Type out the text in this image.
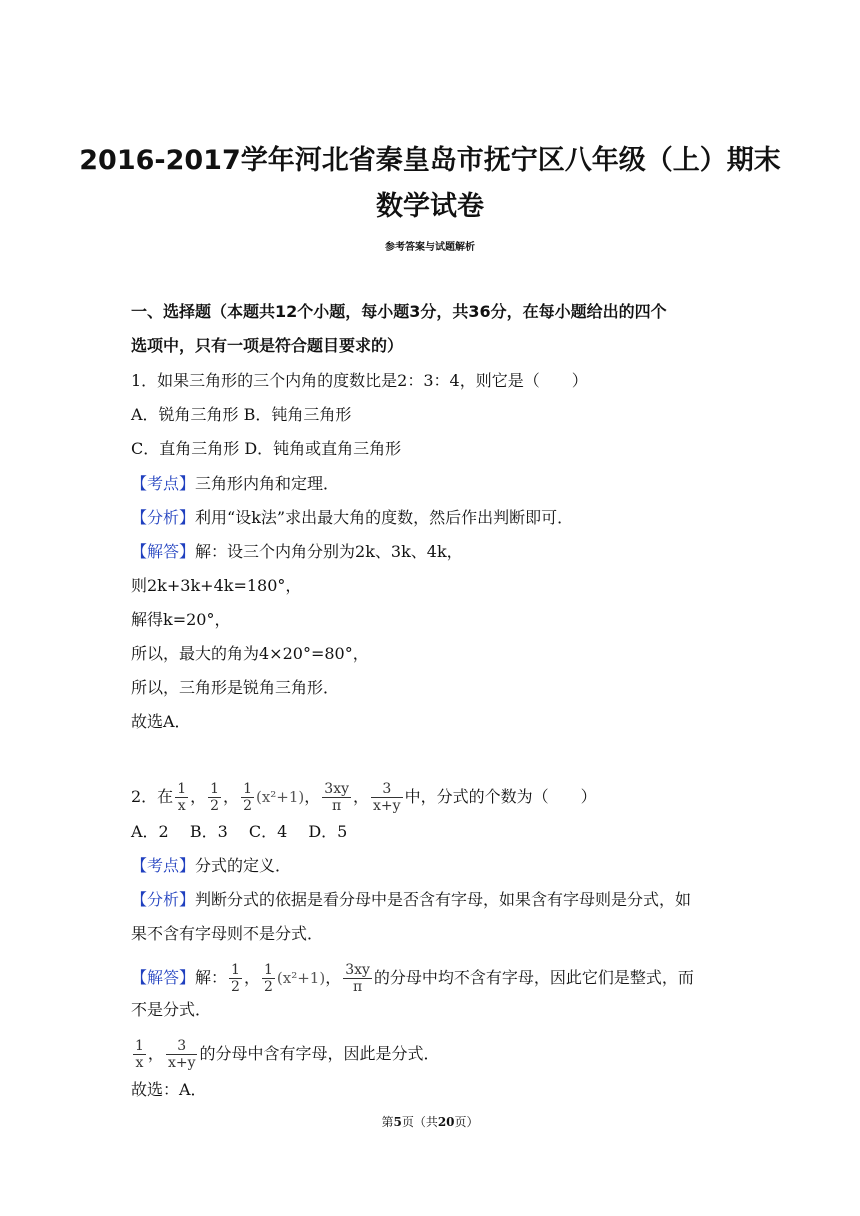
2016-2017学年河北省秦皇岛市抚宁区八年级（上）期末
数学试卷
参考答案与试题解析
一、选择题（本题共12个小题，每小题3分，共36分，在每小题给出的四个
选项中，只有一项是符合题目要求的）
1．如果三角形的三个内角的度数比是2：3：4，则它是（　　）
A．锐角三角形 B．钝角三角形
C．直角三角形 D．钝角或直角三角形
【考点】三角形内角和定理．
【分析】利用“设k法”求出最大角的度数，然后作出判断即可．
【解答】解：设三个内角分别为2k、3k、4k，
则2k+3k+4k=180°，
解得k=20°，
所以，最大的角为4×20°=80°，
所以，三角形是锐角三角形．
故选A．
2．在 $\frac{1}{x}$ ， $\frac{1}{2}$ ， $\frac{1}{2} (x^2+1)$， $\frac{3xy}{\pi}$ ， $\frac{3}{x+y}$ 中，分式的个数为（　　）
A．2　 B．3　 C．4　 D．5
【考点】分式的定义．
【分析】判断分式的依据是看分母中是否含有字母，如果含有字母则是分式，如
果不含有字母则不是分式．
【解答】解： $\frac{1}{2}$ ， $\frac{1}{2} (x^2+1)$， $\frac{3xy}{\pi}$ 的分母中均不含有字母，因此它们是整式，而
不是分式．
$\frac{1}{x}$ ， $\frac{3}{x+y}$ 的分母中含有字母，因此是分式．
故选：A．
第5页（共20页）
